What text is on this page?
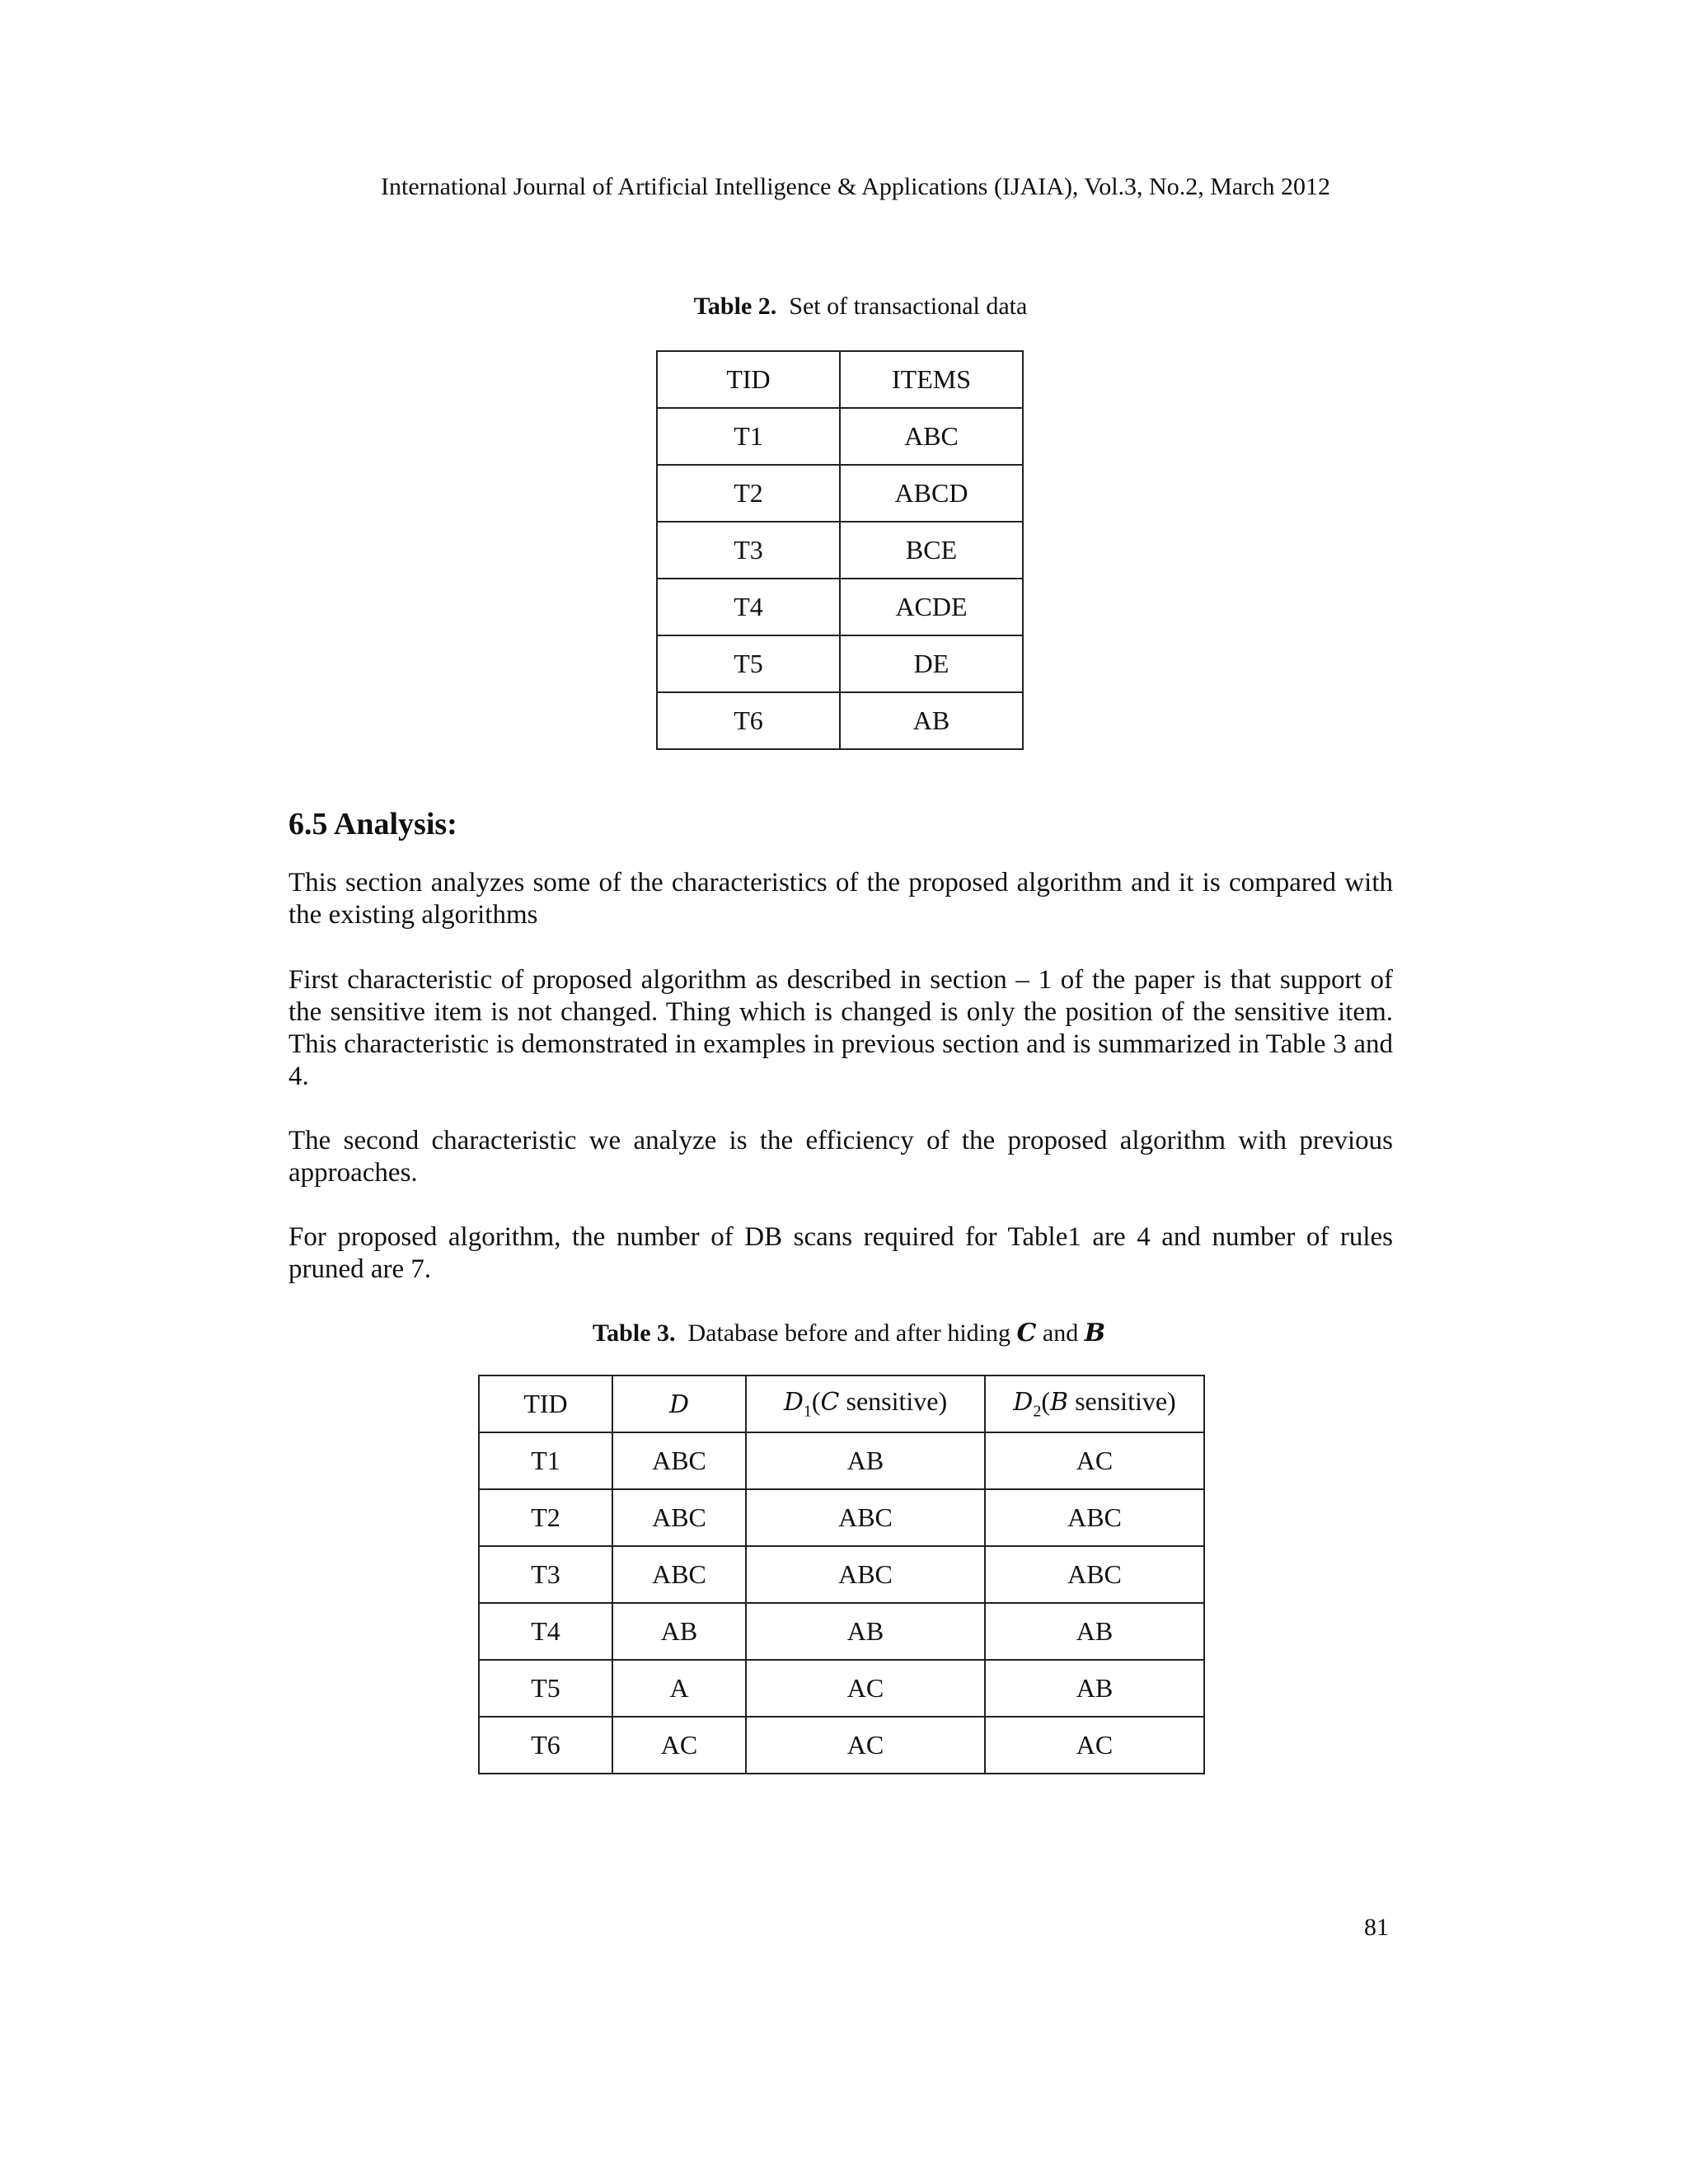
International Journal of Artificial Intelligence & Applications (IJAIA), Vol.3, No.2, March 2012
Table 2. Set of transactional data
TID	ITEMS
T1	ABC
T2	ABCD
T3	BCE
T4	ACDE
T5	DE
T6	AB
6.5 Analysis:

This section analyzes some of the characteristics of the proposed algorithm and it is compared with the existing algorithms

First characteristic of proposed algorithm as described in section – 1 of the paper is that support of the sensitive item is not changed. Thing which is changed is only the position of the sensitive item. This characteristic is demonstrated in examples in previous section and is summarized in Table 3 and 4.

The second characteristic we analyze is the efficiency of the proposed algorithm with previous approaches.

For proposed algorithm, the number of DB scans required for Table1 are 4 and number of rules pruned are 7.

Table 3. Database before and after hiding C and B
TID	D	$D_1(C$ sensitive)	$D_2(B$ sensitive)
T1	ABC	AB	AC
T2	ABC	ABC	ABC
T3	ABC	ABC	ABC
T4	AB	AB	AB
T5	A	AC	AB
T6	AC	AC	AC
81
